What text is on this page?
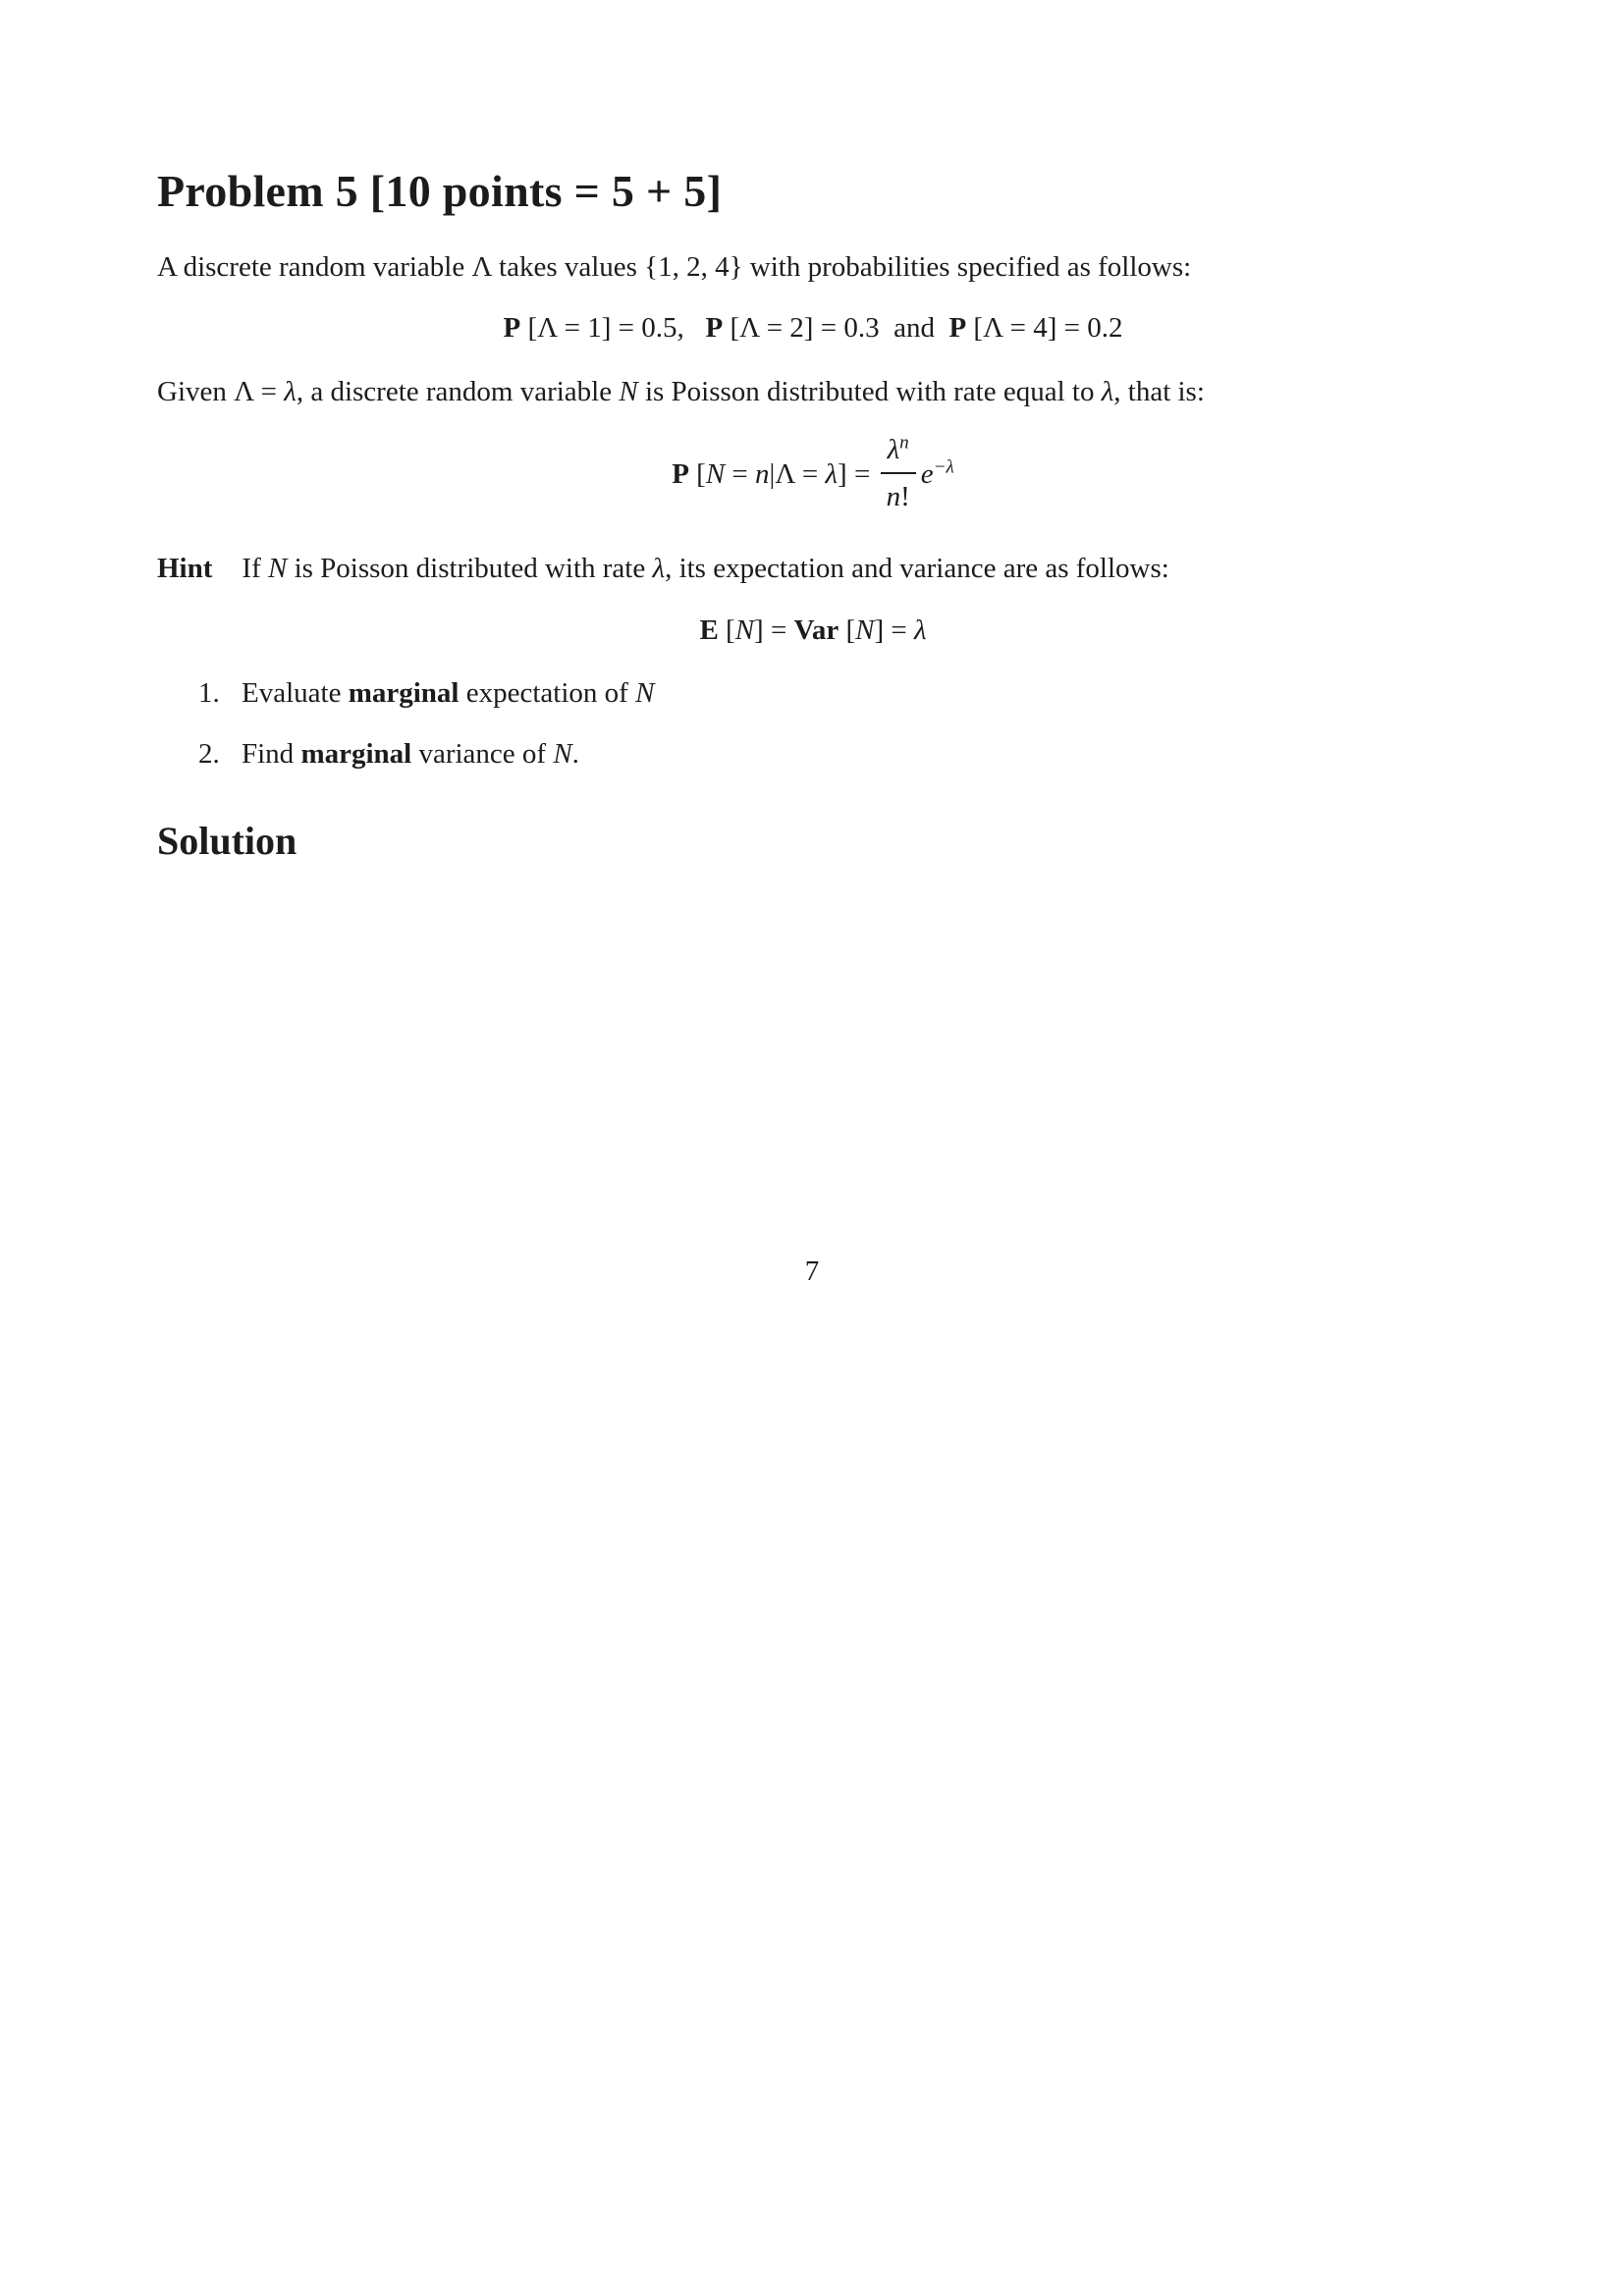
Problem 5 [10 points = 5 + 5]

A discrete random variable Λ takes values {1, 2, 4} with probabilities specified as follows:

P [Λ = 1] = 0.5, P [Λ = 2] = 0.3  and  P [Λ = 4] = 0.2

Given Λ = λ, a discrete random variable N is Poisson distributed with rate equal to λ, that is:

P $[N = n|\Lambda = \lambda] = \frac{\lambda^n}{n!} e^{-\lambda}$

Hint If N is Poisson distributed with rate λ, its expectation and variance are as follows:

E [N] = Var [N] = λ
1. Evaluate marginal expectation of N
2. Find marginal variance of N.
Solution
7
